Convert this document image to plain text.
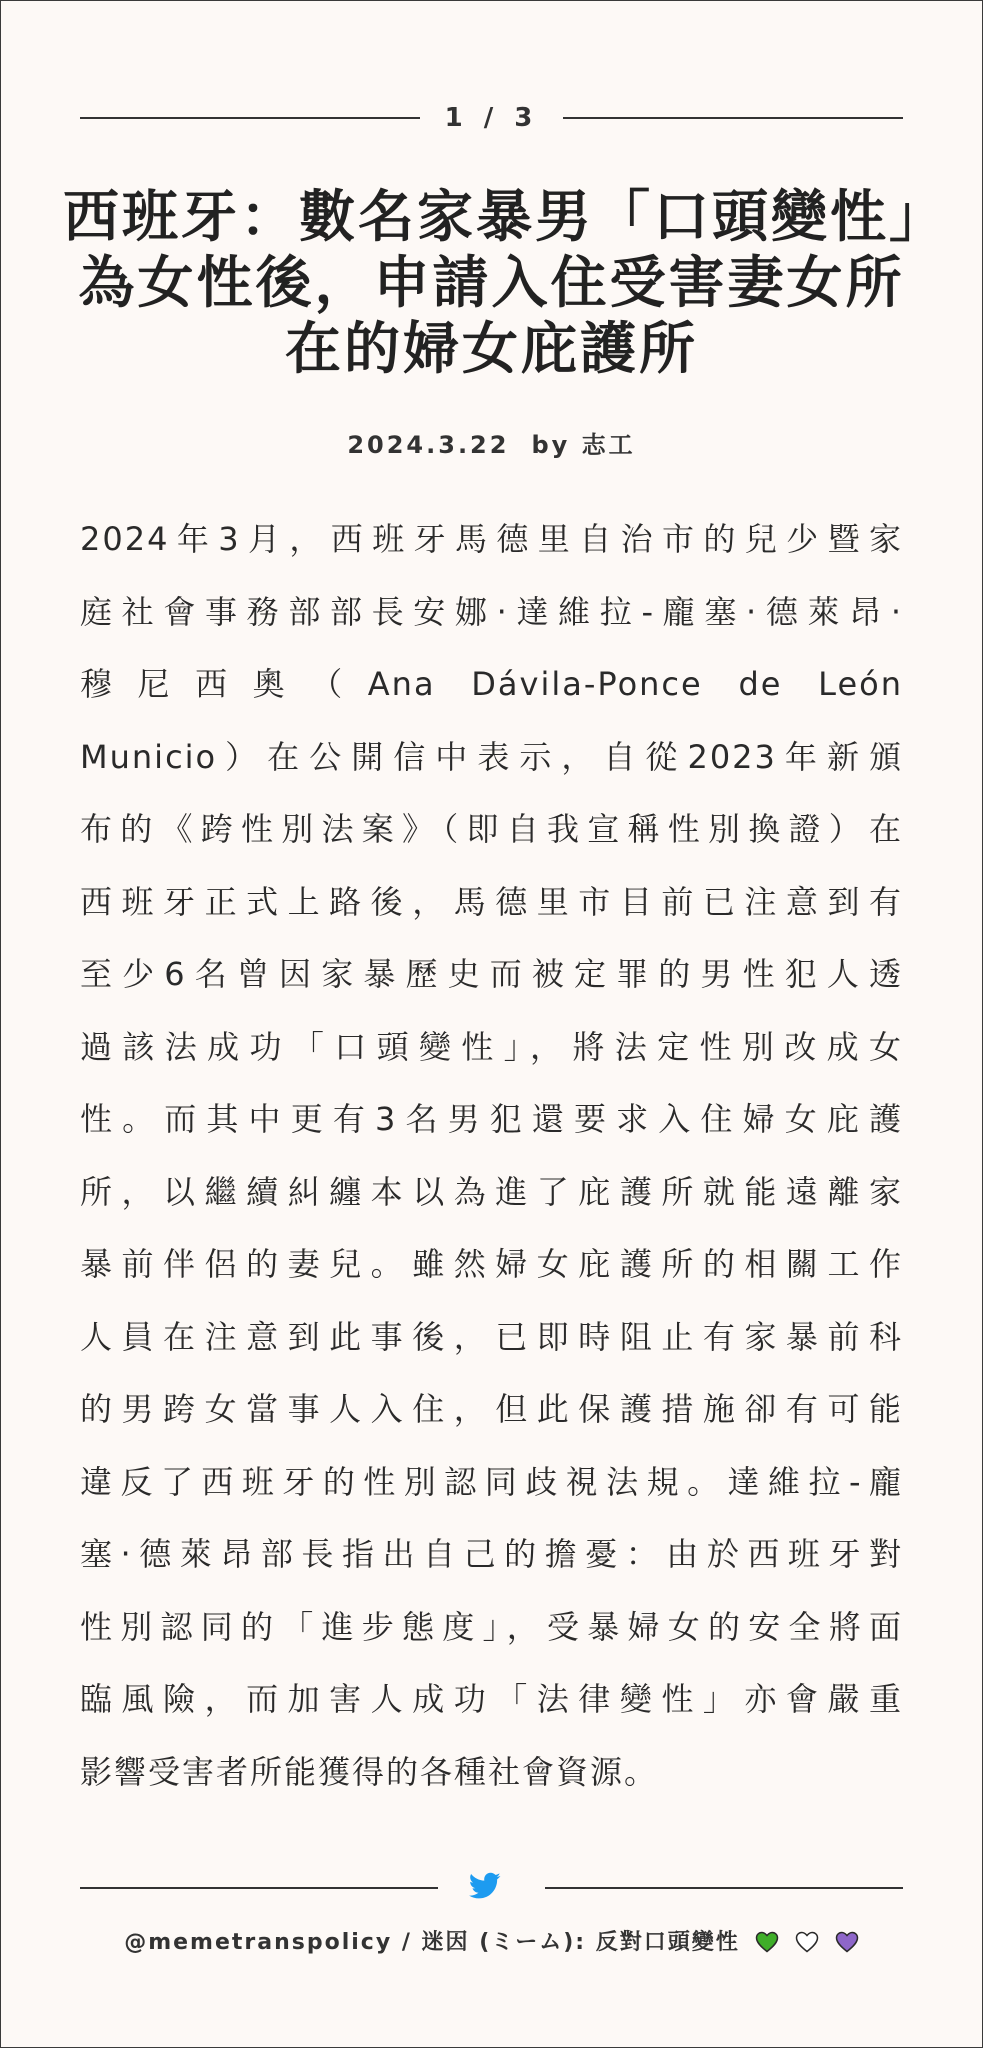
1 / 3
西班牙：數名家暴男「口頭變性」為女性後，申請入住受害妻女所在的婦女庇護所
2024.3.22 by 志工
2024年3月，西班牙馬德里自治市的兒少暨家
庭社會事務部部長安娜‧達維拉-龐塞‧德萊昂‧
穆尼西奧（Ana Dávila-Ponce de León
Municio）在公開信中表示，自從2023年新頒
布的《跨性別法案》（即自我宣稱性別換證）在
西班牙正式上路後，馬德里市目前已注意到有
至少6名曾因家暴歷史而被定罪的男性犯人透
過該法成功「口頭變性」，將法定性別改成女
性。而其中更有3名男犯還要求入住婦女庇護
所，以繼續糾纏本以為進了庇護所就能遠離家
暴前伴侶的妻兒。雖然婦女庇護所的相關工作
人員在注意到此事後，已即時阻止有家暴前科
的男跨女當事人入住，但此保護措施卻有可能
違反了西班牙的性別認同歧視法規。達維拉-龐
塞‧德萊昂部長指出自己的擔憂：由於西班牙對
性別認同的「進步態度」，受暴婦女的安全將面
臨風險，而加害人成功「法律變性」亦會嚴重
影響受害者所能獲得的各種社會資源。
@memetranspolicy / 迷因 (ミーム): 反對口頭變性
